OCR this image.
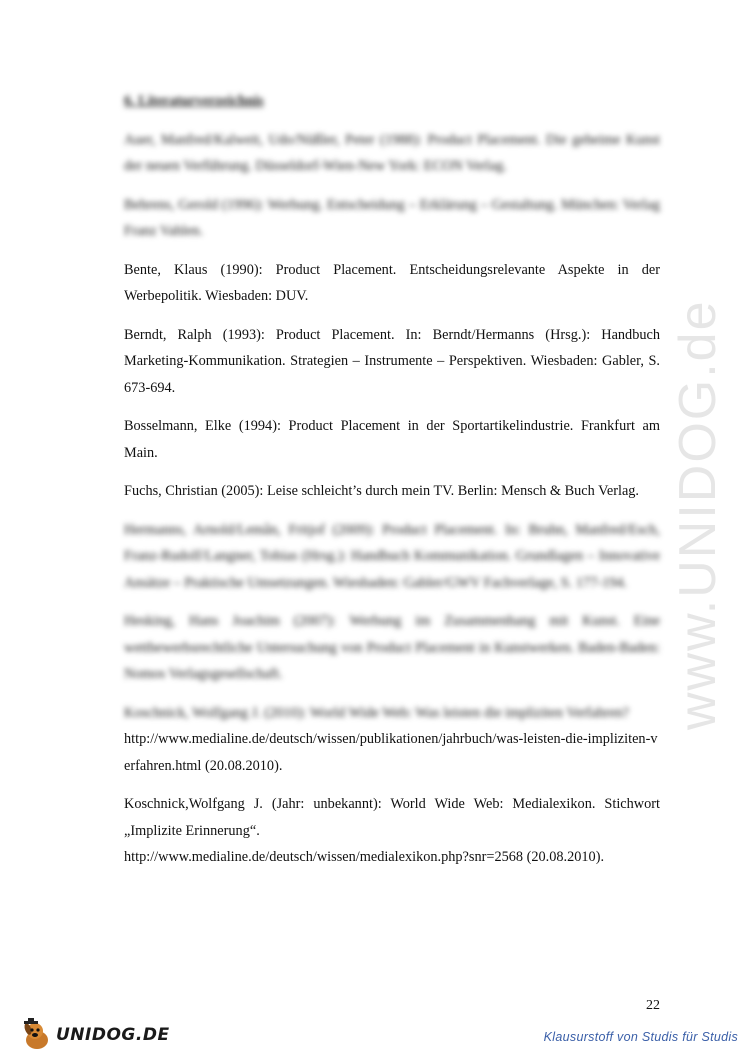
www.UNIDOG.de
6. Literaturverzeichnis
Auer, Manfred/Kalweit, Udo/Nüßler, Peter (1988): Product Placement. Die geheime Kunst der neuen Verführung. Düsseldorf-Wien-New York: ECON Verlag.
Behrens, Gerold (1996): Werbung. Entscheidung – Erklärung – Gestaltung. München: Verlag Franz Vahlen.
Bente, Klaus (1990): Product Placement. Entscheidungsrelevante Aspekte in der Werbepolitik. Wiesbaden: DUV.
Berndt, Ralph (1993): Product Placement. In: Berndt/Hermanns (Hrsg.): Handbuch Marketing-Kommunikation. Strategien – Instrumente – Perspektiven. Wiesbaden: Gabler, S. 673-694.
Bosselmann, Elke (1994): Product Placement in der Sportartikelindustrie. Frankfurt am Main.
Fuchs, Christian (2005): Leise schleicht’s durch mein TV. Berlin: Mensch & Buch Verlag.
Hermanns, Arnold/Lemân, Fritjof (2009): Product Placement. In: Bruhn, Manfred/Esch, Franz-Rudolf/Langner, Tobias (Hrsg.): Handbuch Kommunikation. Grundlagen – Innovative Ansätze – Praktische Umsetzungen. Wiesbaden: Gabler/GWV Fachverlage, S. 177-194.
Hesking, Hans Joachim (2007): Werbung im Zusammenhang mit Kunst. Eine wettbewerbsrechtliche Untersuchung von Product Placement in Kunstwerken. Baden-Baden: Nomos Verlagsgesellschaft.
Koschnick, Wolfgang J. (2010): World Wide Web: Was leisten die impliziten Verfahren?
http://www.medialine.de/deutsch/wissen/publikationen/jahrbuch/was-leisten-die-impliziten-verfahren.html (20.08.2010).
Koschnick,Wolfgang J. (Jahr: unbekannt): World Wide Web: Medialexikon. Stichwort „Implizite Erinnerung“.
http://www.medialine.de/deutsch/wissen/medialexikon.php?snr=2568 (20.08.2010).
22
UNIDOG.DE	Klausurstoff von Studis für Studis
